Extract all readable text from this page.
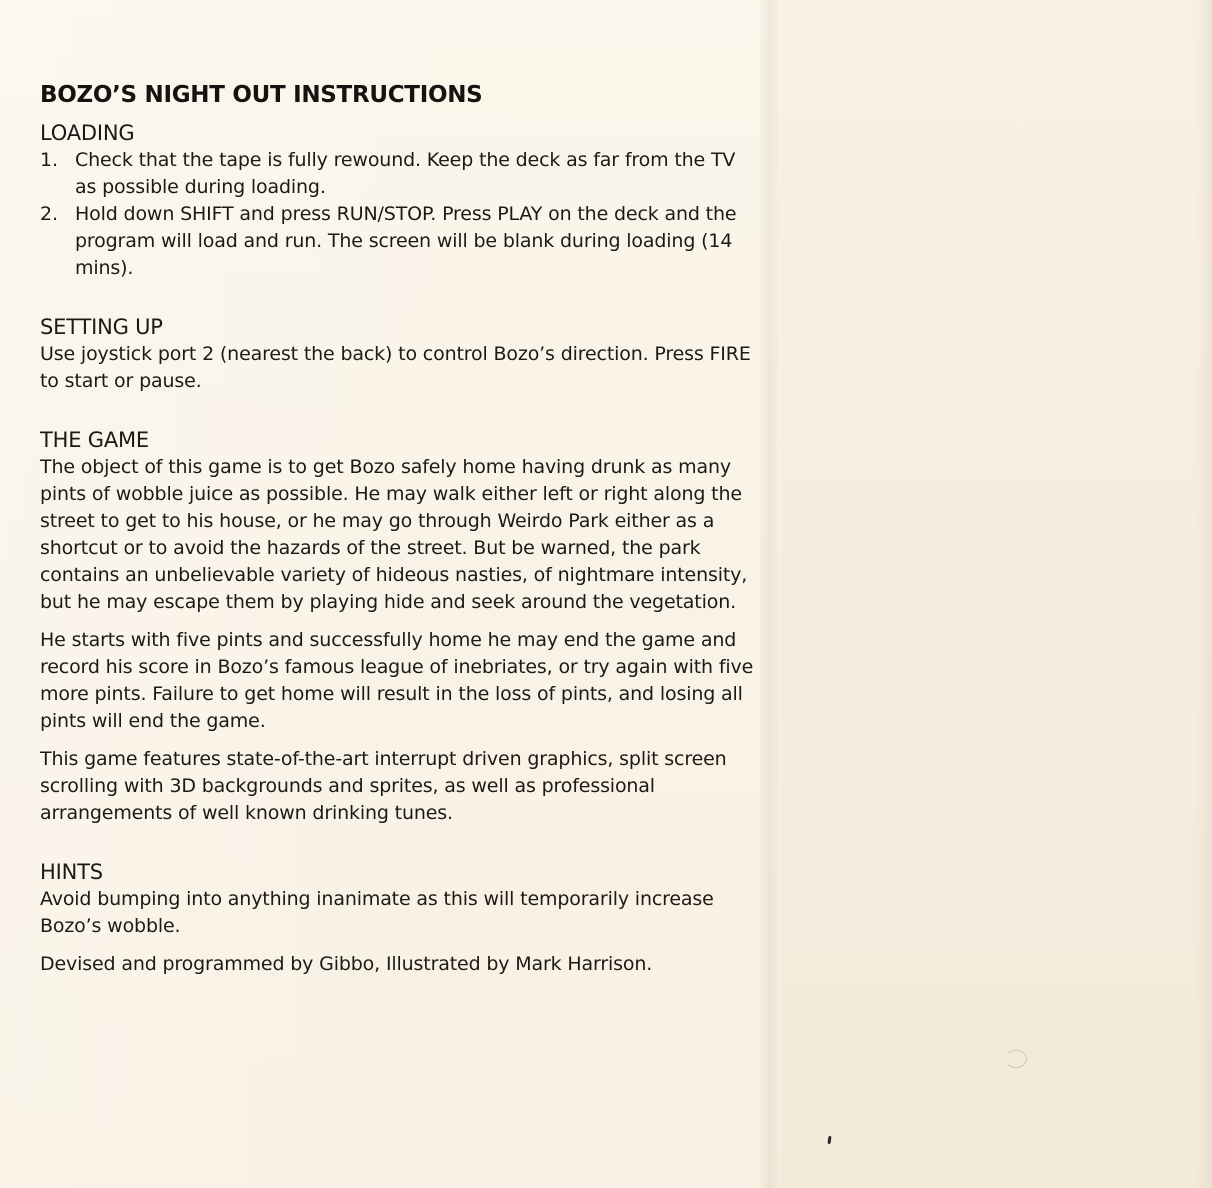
BOZO’S NIGHT OUT INSTRUCTIONS
LOADING
1. Check that the tape is fully rewound. Keep the deck as far from the TV as possible during loading.
2. Hold down SHIFT and press RUN/STOP. Press PLAY on the deck and the program will load and run. The screen will be blank during loading (14 mins).
SETTING UP

Use joystick port 2 (nearest the back) to control Bozo’s direction. Press FIRE to start or pause.

THE GAME

The object of this game is to get Bozo safely home having drunk as many pints of wobble juice as possible. He may walk either left or right along the street to get to his house, or he may go through Weirdo Park either as a shortcut or to avoid the hazards of the street. But be warned, the park contains an unbelievable variety of hideous nasties, of nightmare intensity, but he may escape them by playing hide and seek around the vegetation.

He starts with five pints and successfully home he may end the game and record his score in Bozo’s famous league of inebriates, or try again with five more pints. Failure to get home will result in the loss of pints, and losing all pints will end the game.

This game features state-of-the-art interrupt driven graphics, split screen scrolling with 3D backgrounds and sprites, as well as professional arrangements of well known drinking tunes.

HINTS

Avoid bumping into anything inanimate as this will temporarily increase Bozo’s wobble.

Devised and programmed by Gibbo, Illustrated by Mark Harrison.
